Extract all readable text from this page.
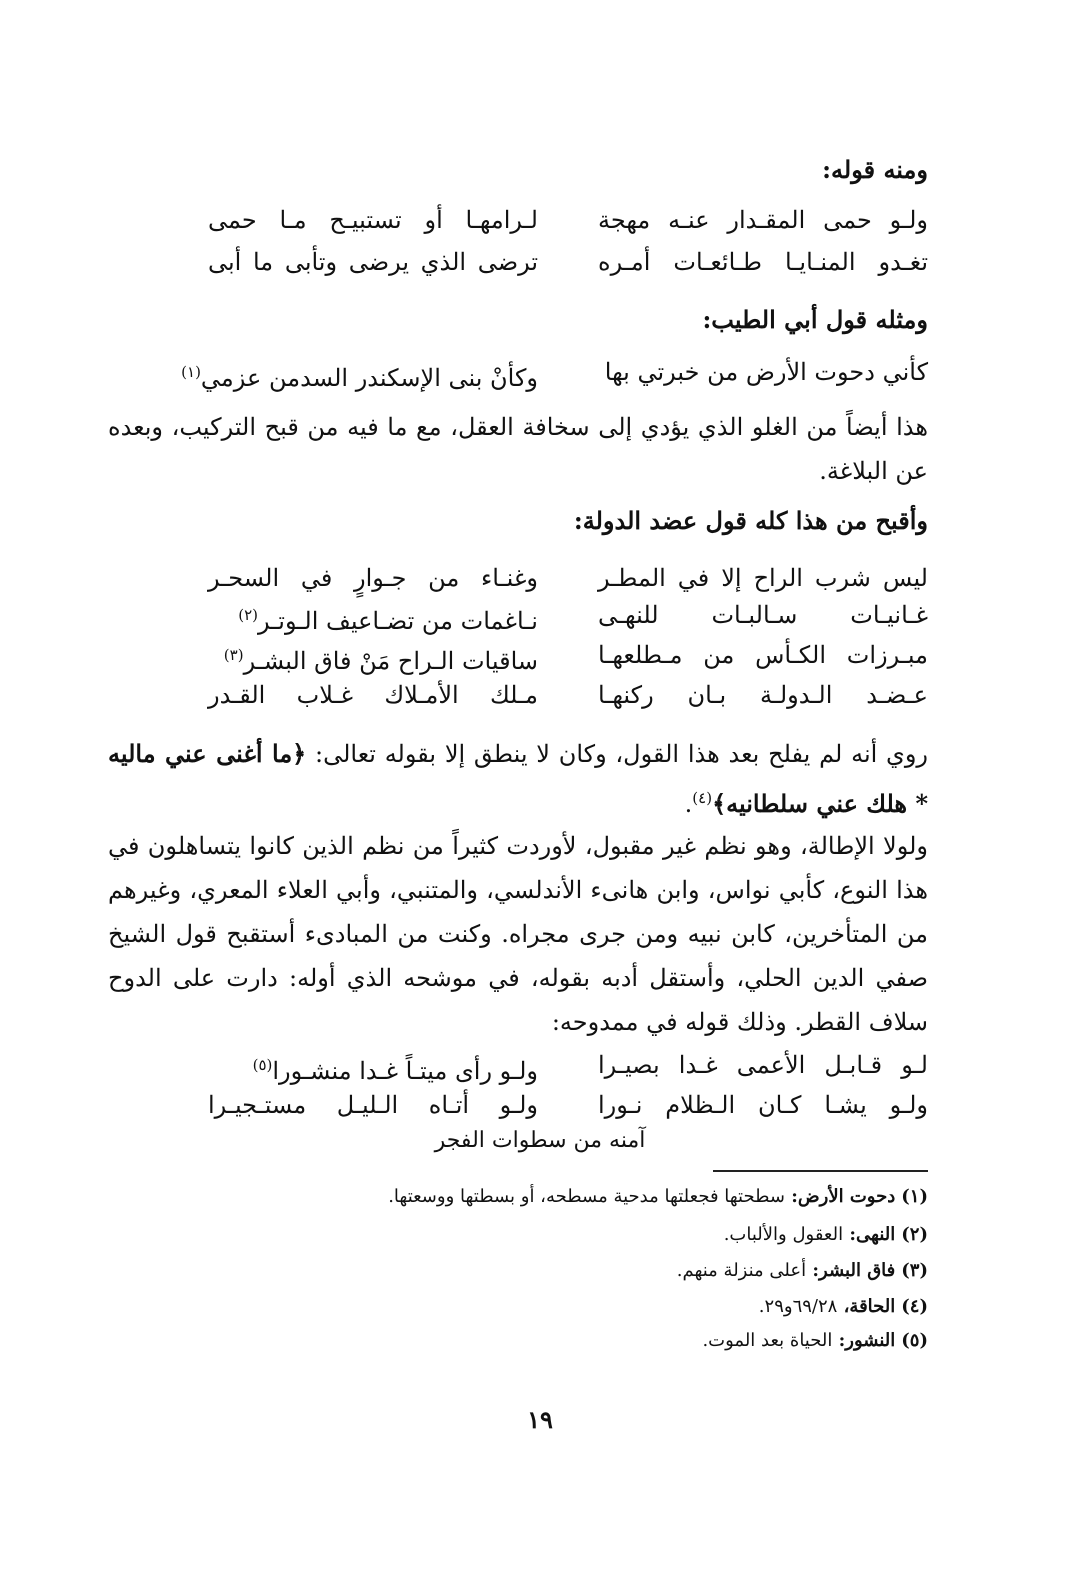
ومنه قوله:
ولـو حمى المقـدار عنـه مهجة
لـرامهـا أو تستبيـح مـا حمى
تغـدو المنـايـا طـائعـات أمـره
ترضى الذي يرضى وتأبى ما أبى
ومثله قول أبي الطيب:
كأني دحوت الأرض من خبرتي بها
وكأنْ بنى الإسكندر السدمن عزمي$^{(١)}$
هذا أيضاً من الغلو الذي يؤدي إلى سخافة العقل، مع ما فيه من قبح التركيب، وبعده عن البلاغة.
وأقبح من هذا كله قول عضد الدولة:
ليس شرب الراح إلا في المطـر
وغنـاء من جـوارٍ في السحـر
غـانيـات سـالبـات للنهـى
نـاغمات من تضـاعيف الـوتـر$^{(٢)}$
مبـرزات الكـأس من مـطلعهـا
ساقيات الـراح مَنْ فاق البشـر$^{(٣)}$
عـضـد الـدولـة بـان ركنهـا
مـلك الأمـلاك غـلاب القـدر
روي أنه لم يفلح بعد هذا القول، وكان لا ينطق إلا بقوله تعالى: ﴿ما أغنى عني ماليه * هلك عني سلطانيه﴾$^{(٤)}$.
ولولا الإطالة، وهو نظم غير مقبول، لأوردت كثيراً من نظم الذين كانوا يتساهلون في هذا النوع، كأبي نواس، وابن هانىء الأندلسي، والمتنبي، وأبي العلاء المعري، وغيرهم من المتأخرين، كابن نبيه ومن جرى مجراه. وكنت من المبادىء أستقبح قول الشيخ صفي الدين الحلي، وأستقل أدبه بقوله، في موشحه الذي أوله: دارت على الدوح سلاف القطر. وذلك قوله في ممدوحه:
لـو قـابـل الأعمى غـدا بصيـرا
ولـو رأى ميتـاً غـدا منشـورا$^{(٥)}$
ولـو يشـا كـان الـظلام نـورا
ولـو أتـاه الـليـل مستـجيـرا
آمنه من سطوات الفجر
(١)دحوت الأرض: سطحتها فجعلتها مدحية مسطحه، أو بسطتها ووسعتها.
(٢)النهى: العقول والألباب.
(٣)فاق البشر: أعلى منزلة منهم.
(٤)الحاقة، ٦٩/٢٨و٢٩.
(٥)النشور: الحياة بعد الموت.
١٩
